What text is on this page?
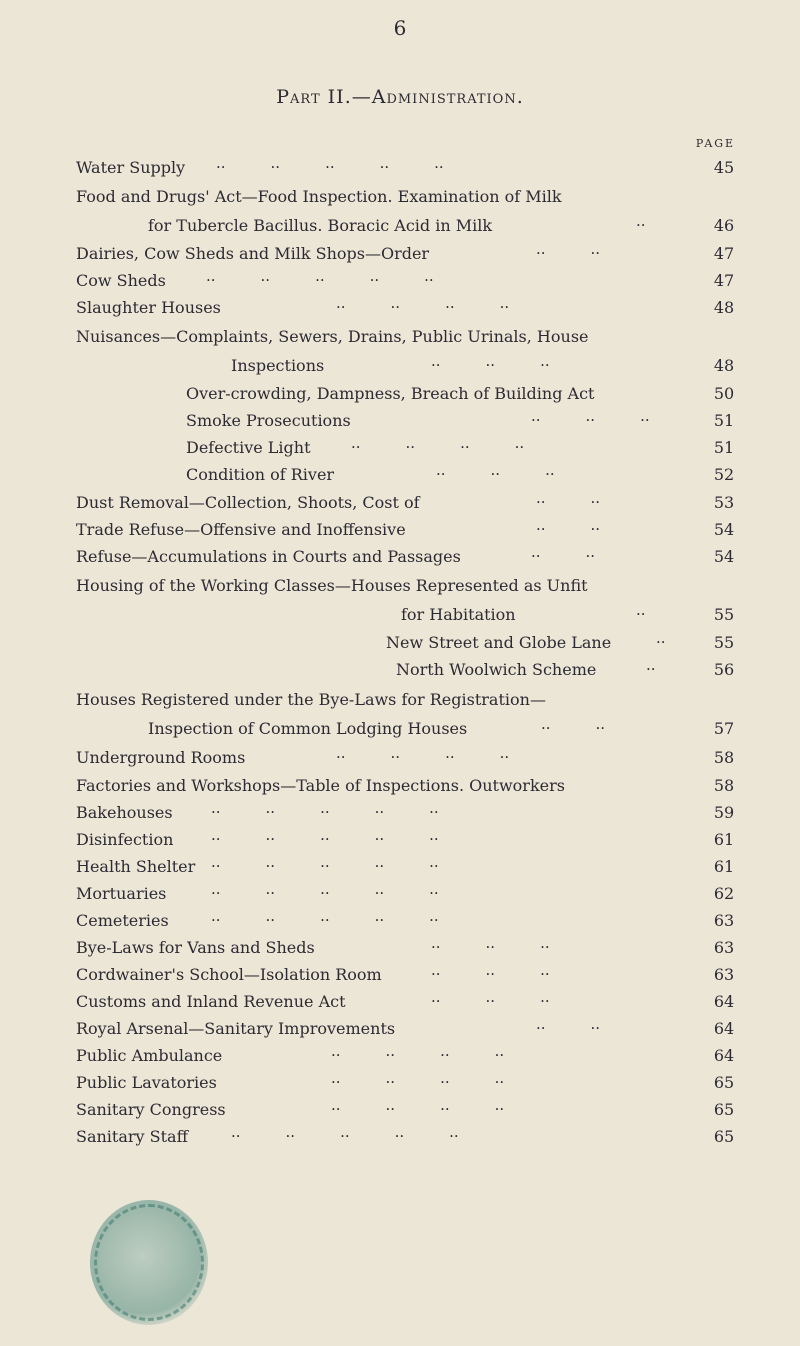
6
Part II.—Administration.
PAGE
Water Supply ..   ..   ..   ..   ..	45
Food and Drugs' Act—Food Inspection. Examination of Milk
for Tubercle Bacillus. Boracic Acid in Milk	..	46
Dairies, Cow Sheds and Milk Shops—Order	..   ..	47
Cow Sheds	..   ..   ..   ..   ..	47
Slaughter Houses	..   ..   ..   ..	48
Nuisances—Complaints, Sewers, Drains, Public Urinals, House
Inspections	..   ..   ..	48
Over-crowding, Dampness, Breach of Building Act	50
Smoke Prosecutions	..   ..   ..	51
Defective Light	..   ..   ..   ..	51
Condition of River	..   ..   ..	52
Dust Removal—Collection, Shoots, Cost of	..   ..	53
Trade Refuse—Offensive and Inoffensive	..   ..	54
Refuse—Accumulations in Courts and Passages	..   ..	54
Housing of the Working Classes—Houses Represented as Unfit
for Habitation	..	55
New Street and Globe Lane	..	55
North Woolwich Scheme	..	56
Houses Registered under the Bye-Laws for Registration—
Inspection of Common Lodging Houses	..   ..	57
Underground Rooms	..   ..   ..   ..	58
Factories and Workshops—Table of Inspections. Outworkers	58
Bakehouses	..   ..   ..   ..   ..	59
Disinfection	..   ..   ..   ..   ..	61
Health Shelter ..   ..   ..   ..   ..	61
Mortuaries	..   ..   ..   ..   ..	62
Cemeteries	..   ..   ..   ..   ..	63
Bye-Laws for Vans and Sheds	..   ..   ..	63
Cordwainer's School—Isolation Room	..   ..   ..	63
Customs and Inland Revenue Act	..   ..   ..	64
Royal Arsenal—Sanitary Improvements	..   ..	64
Public Ambulance	..   ..   ..   ..	64
Public Lavatories	..   ..   ..   ..	65
Sanitary Congress	..   ..   ..   ..	65
Sanitary Staff	..   ..   ..   ..   ..	65
